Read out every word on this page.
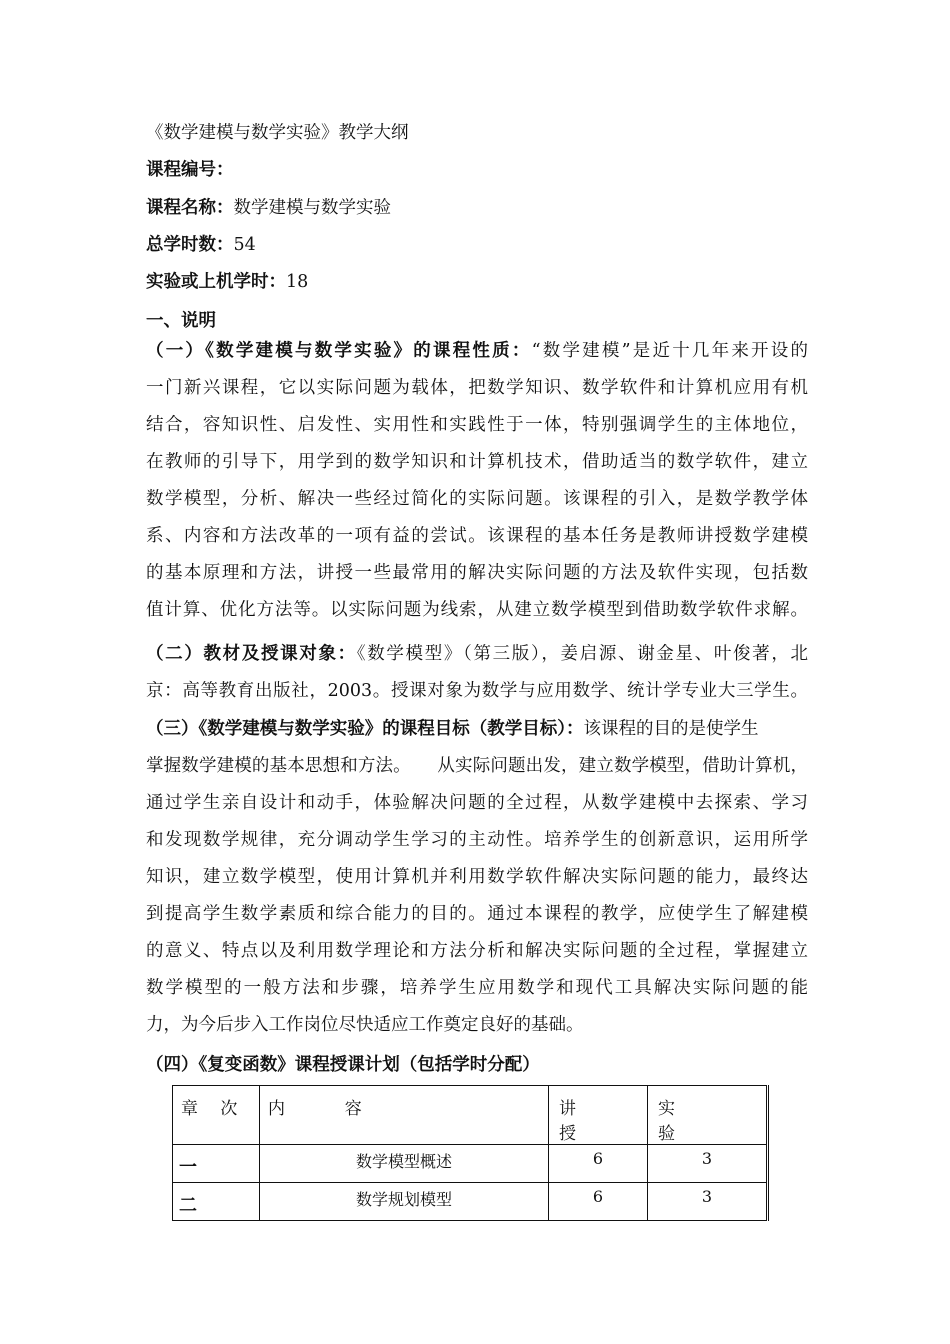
《数学建模与数学实验》教学大纲
课程编号：
课程名称：数学建模与数学实验
总学时数：54
实验或上机学时：18
一、说明
（一）《数学建模与数学实验》的课程性质：“数学建模”是近十几年来开设的
一门新兴课程，它以实际问题为载体，把数学知识、数学软件和计算机应用有机
结合，容知识性、启发性、实用性和实践性于一体，特别强调学生的主体地位，
在教师的引导下，用学到的数学知识和计算机技术，借助适当的数学软件，建立
数学模型，分析、解决一些经过简化的实际问题。该课程的引入，是数学教学体
系、内容和方法改革的一项有益的尝试。该课程的基本任务是教师讲授数学建模
的基本原理和方法，讲授一些最常用的解决实际问题的方法及软件实现，包括数
值计算、优化方法等。以实际问题为线索，从建立数学模型到借助数学软件求解。
（二）教材及授课对象：《数学模型》（第三版），姜启源、谢金星、叶俊著，北
京：高等教育出版社，2003。授课对象为数学与应用数学、统计学专业大三学生。
（三）《数学建模与数学实验》的课程目标（教学目标）：该课程的目的是使学生
掌握数学建模的基本思想和方法。　　从实际问题出发，建立数学模型，借助计算机，
通过学生亲自设计和动手，体验解决问题的全过程，从数学建模中去探索、学习
和发现数学规律，充分调动学生学习的主动性。培养学生的创新意识，运用所学
知识，建立数学模型，使用计算机并利用数学软件解决实际问题的能力，最终达
到提高学生数学素质和综合能力的目的。通过本课程的教学，应使学生了解建模
的意义、特点以及利用数学理论和方法分析和解决实际问题的全过程，掌握建立
数学模型的一般方法和步骤，培养学生应用数学和现代工具解决实际问题的能
力，为今后步入工作岗位尽快适应工作奠定良好的基础。
（四）《复变函数》课程授课计划（包括学时分配）
章 次	内 容	讲 授	实 验

一	数学模型概述	6	3

二	数学规划模型	6	3
